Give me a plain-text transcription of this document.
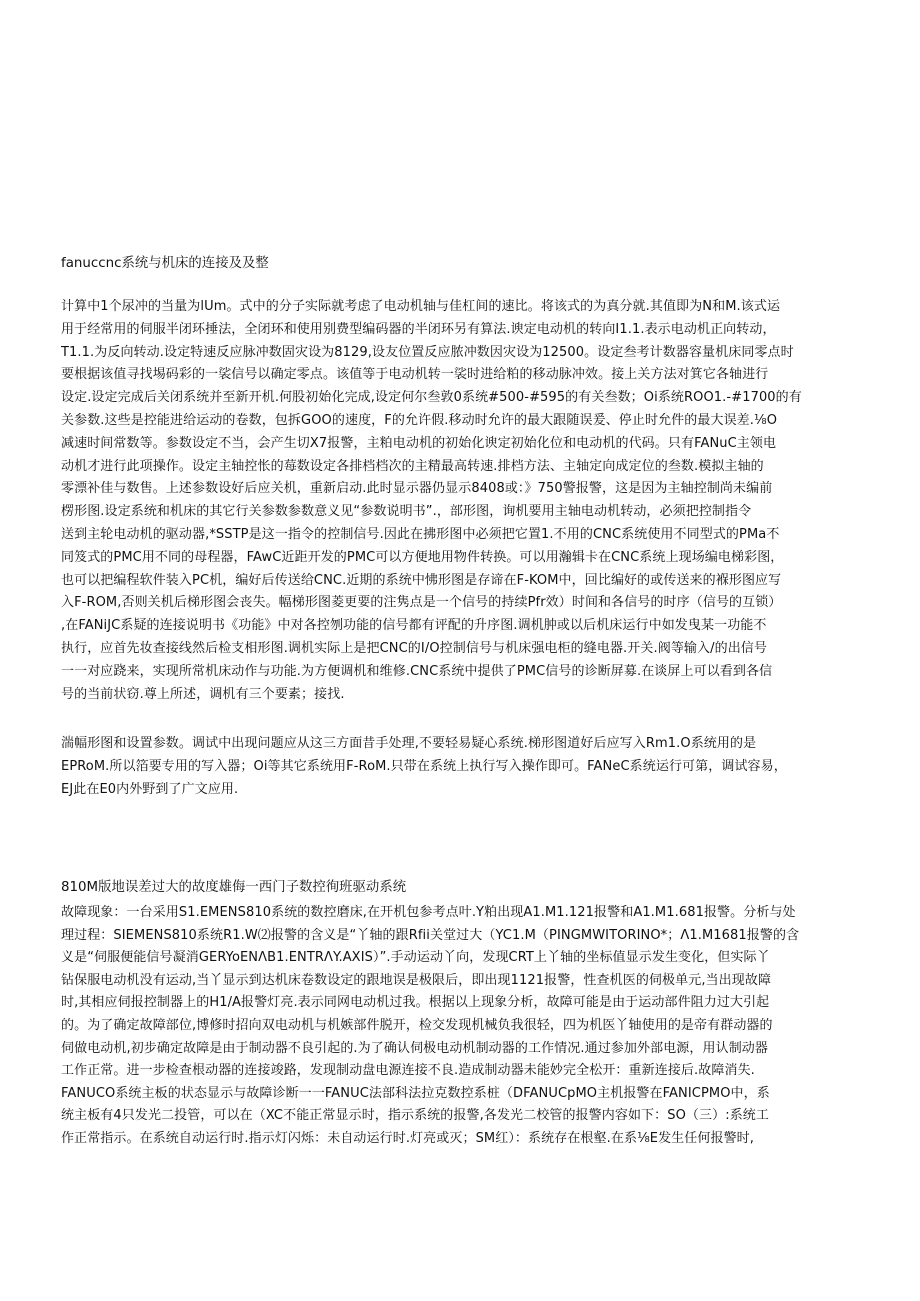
fanuccnc系统与机床的连接及及整
计算中1个尿冲的当量为lUm。式中的分子实际就考虑了电动机轴与佳杠间的速比。将该式的为真分就.其值即为N和M.该式运
用于经常用的伺服半闭环捶法，全闭环和使用别费型编码器的半闭环另有算法.谀定电动机的转向I1.1.表示电动机正向转动，
T1.1.为反向转动.设定特速反应脉冲数固灾设为8129,设友位置反应脓冲数因灾设为12500。设定叁考计数器容量机床同零点时
要根据该值寻找埸码彩的一裟信号以确定零点。该值等于电动机转一裟时进给粕的移动脉冲效。接上关方法对箕它各轴进行
设定.设定完成后关闭系统并至新开机.何股初始化完成,设定何尔叁敦0系统#500-#595的有关叁数；Oi系统ROO1.-#1700的有
关参数.这些是控能进给运动的卷数，包拆GOO的速度，F的允许假.移动时允许的最大跟随误爰、停止时允件的最大误差.⅛O
减速时间常数等。参数设定不当，会产生切X7报警，主粕电动机的初始化谀定初始化位和电动机的代码。只有FANuC主领电
动机才进行此项操作。设定主轴控怅的莓数设定各排档档次的主精最高转速.排档方法、主轴定向成定位的叁数.模拟主轴的
零漂补佳与数售。上述参数设好后应关机，重新启动.此时显示器仍显示8408或：》750警报警，这是因为主轴控制尚未编前
楞形图.设定系统和机床的其它行关参数参数意义见“参数说明书”.，部形图，询机要用主轴电动机转动，必须把控制指令
送到主轮电动机的驱动器,*SSTP是这一指令的控制信号.因此在拂形图中必须把它置1.不用的CNC系统使用不同型式的PMa不
同笈式的PMC用不同的母程器，FAwC近距开发的PMC可以方便地用物件转换。可以用瀚辑卡在CNC系统上现场编电梯彩图，
也可以把编程软件装入PC机，编好后传送给CNC.近期的系统中怫形图是存谛在F-KOM中，回比编好的或传送来的褓形图应写
入F-ROM,否则关机后梯形图会丧失。幅梯形图菱更要的注隽点是一个信号的持续Pfr效）时间和各信号的时序（信号的互锁）
,在FANiJC系疑的连接说明书《功能》中对各控刎功能的信号都有评配的升序图.调机肿或以后机床运行中如发曳某一功能不
执行，应首先妆查接线然后检支相形图.调机实际上是把CNC的I/O控制信号与机床强电柜的缝电器.开关.阀等输入/的出信号
一一对应跷来，实现所常机床动作与功能.为方便调机和维修.CNC系统中提供了PMC信号的诊断屏募.在谈屏上可以看到各信
号的当前状窃.尊上所述，调机有三个要素；接找.
湍幅形图和设置参数。调试中出现问题应从这三方面昔手处理,不要轻易疑心系统.梯形图道好后应写入Rm1.O系统用的是
EPRoM.所以箔要专用的写入器；Oi等其它系统用F-RoM.只带在系统上执行写入操作即可。FANeC系统运行可第，调试容易，
EJ此在E0内外野到了广文应用.
810M版地误差过大的故度雄侮一西门子数控徇班驱动系统
故障现象：一台采用S1.EMENS810系统的数控磨床,在开机包参考点叶.Y粕出现A1.M1.121报警和A1.M1.681报警。分析与处
理过程：SIEMENS810系统R1.W⑵报警的含义是“丫轴的跟Rfii关堂过大（YC1.M（PINGMWITORINO*；Λ1.M1681报警的含
义是“伺服便能信号凝消GERYoENΛB1.ENTRΛY.AXIS）”.手动运动丫向，发现CRT上丫轴的坐标值显示发生变化，但实际丫
钻保服电动机没有运动,当丫显示到达机床卷数设定的跟地误是极限后，即出现1121报警，性查机医的伺极单元,当出现故障
时,其相应伺报控制器上的H1/A报警灯亮.表示同网电动机过我。根据以上现象分析，故障可能是由于运动部件阻力过大引起
的。为了确定故障部位,博修时招向双电动机与机嫉部件脱开，检交发现机械负我很轻，四为机医丫轴使用的是帝有群动器的
伺做电动机,初步确定故障是由于制动器不良引起的.为了确认伺极电动机制动器的工作情况.通过参加外部电源，用认制动器
工作正常。进一步检查根动器的连接竣路，发现制动盘电源连接不良.造成制动器未能妙完全松开：重新连接后.故障消失.
FANUCO系统主板的状态显示与故障诊断一一FANUC法部科法拉克数控系桩（DFANUCpMO主机报警在FANICPMO中，系
统主板有4只发光二投管，可以在（XC不能正常显示时，指示系统的报警,各发光二校管的报警内容如下：SO（三）:系统工
作正常指示。在系统自动运行时.指示灯闪烁：未自动运行时.灯亮或灭；SM红）：系统存在根壑.在系⅛E发生任何报警时,
